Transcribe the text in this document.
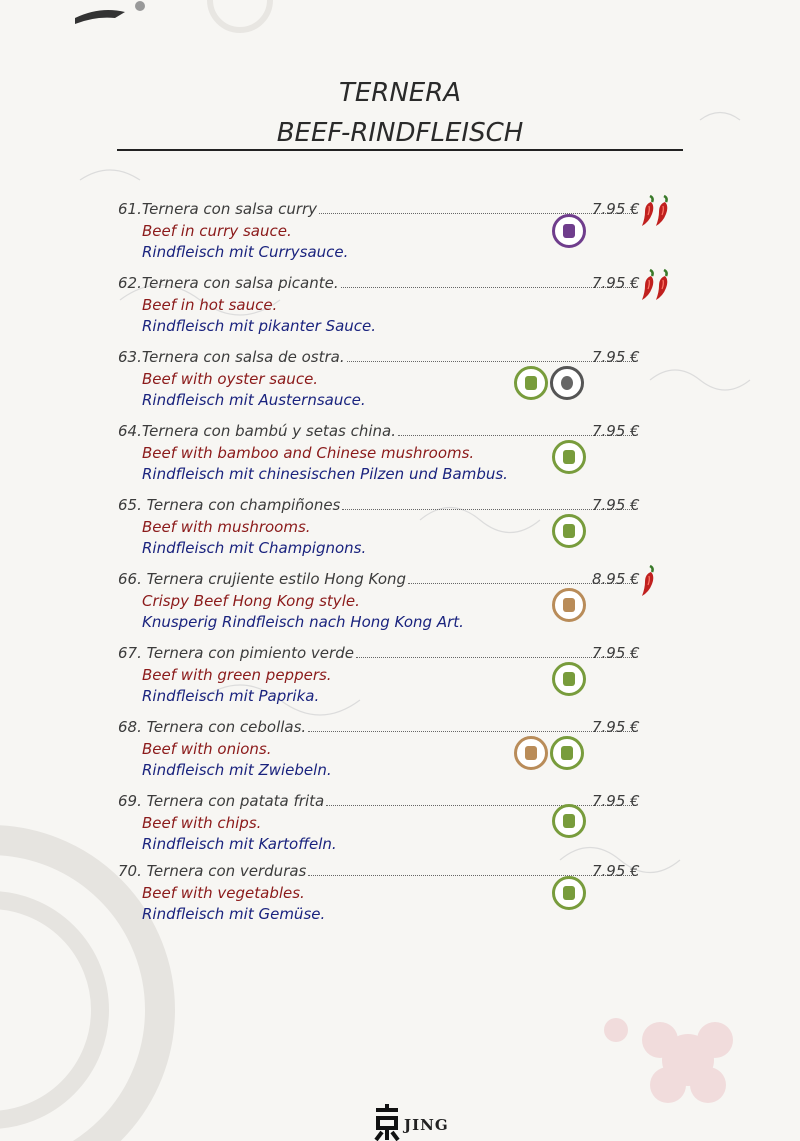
TERNERA
BEEF-RINDFLEISCH
61.Ternera con salsa curry	7.95 €
Beef in curry sauce.
Rindfleisch mit Currysauce.
62.Ternera con salsa picante.	7.95 €
Beef in hot sauce.
Rindfleisch mit pikanter Sauce.
63.Ternera con salsa de ostra.	7.95 €
Beef with oyster sauce.
Rindfleisch mit Austernsauce.
64.Ternera con bambú y setas china.	7.95 €
Beef with bamboo and Chinese mushrooms.
Rindfleisch mit chinesischen Pilzen und Bambus.
65. Ternera con champiñones	7.95 €
Beef with mushrooms.
Rindfleisch mit Champignons.
66. Ternera crujiente estilo Hong Kong	8.95 €
Crispy Beef Hong Kong style.
Knusperig Rindfleisch nach Hong Kong Art.
67. Ternera con pimiento verde	7.95 €
Beef with green peppers.
Rindfleisch mit Paprika.
68. Ternera con cebollas.	7.95 €
Beef with onions.
Rindfleisch mit Zwiebeln.
69. Ternera con patata frita	7.95 €
Beef with chips.
Rindfleisch mit Kartoffeln.
70. Ternera con verduras	7.95 €
Beef with vegetables.
Rindfleisch mit Gemüse.
JING
